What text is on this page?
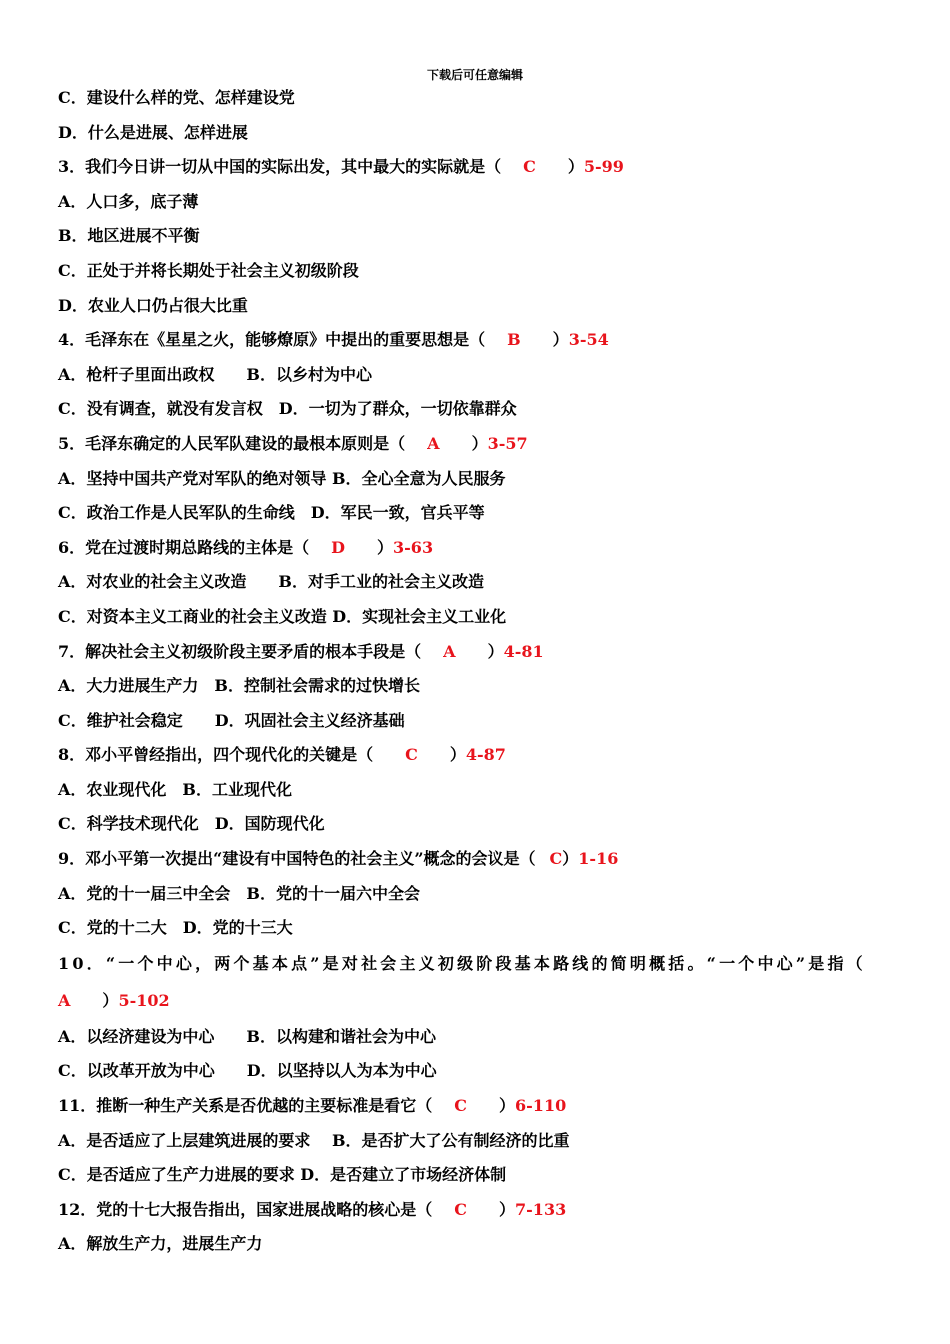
下载后可任意编辑
C．建设什么样的党、怎样建设党
D．什么是进展、怎样进展
3．我们今日讲一切从中国的实际出发，其中最大的实际就是（ C ）5-99
A．人口多，底子薄
B．地区进展不平衡
C．正处于并将长期处于社会主义初级阶段
D．农业人口仍占很大比重
4．毛泽东在《星星之火，能够燎原》中提出的重要思想是（ B ）3-54
A．枪杆子里面出政权　　B．以乡村为中心
C．没有调查，就没有发言权　D．一切为了群众，一切依靠群众
5．毛泽东确定的人民军队建设的最根本原则是（ A ）3-57
A．坚持中国共产党对军队的绝对领导 B．全心全意为人民服务
C．政治工作是人民军队的生命线　D．军民一致，官兵平等
6．党在过渡时期总路线的主体是（ D ）3-63
A．对农业的社会主义改造　　B．对手工业的社会主义改造
C．对资本主义工商业的社会主义改造 D．实现社会主义工业化
7．解决社会主义初级阶段主要矛盾的根本手段是（ A ）4-81
A．大力进展生产力　B．控制社会需求的过快增长
C．维护社会稳定　　D．巩固社会主义经济基础
8．邓小平曾经指出，四个现代化的关键是（ C ）4-87
A．农业现代化　B．工业现代化
C．科学技术现代化　D．国防现代化
9．邓小平第一次提出“建设有中国特色的社会主义”概念的会议是（ C）1-16
A．党的十一届三中全会　B．党的十一届六中全会
C．党的十二大　D．党的十三大
10．“一个中心，两个基本点”是对社会主义初级阶段基本路线的简明概括。“一个中心”是指（
A ）5-102
A．以经济建设为中心　　B．以构建和谐社会为中心
C．以改革开放为中心　　D．以坚持以人为本为中心
11．推断一种生产关系是否优越的主要标准是看它（ C ）6-110
A．是否适应了上层建筑进展的要求　 B．是否扩大了公有制经济的比重
C．是否适应了生产力进展的要求 D．是否建立了市场经济体制
12．党的十七大报告指出，国家进展战略的核心是（ C ）7-133
A．解放生产力，进展生产力
